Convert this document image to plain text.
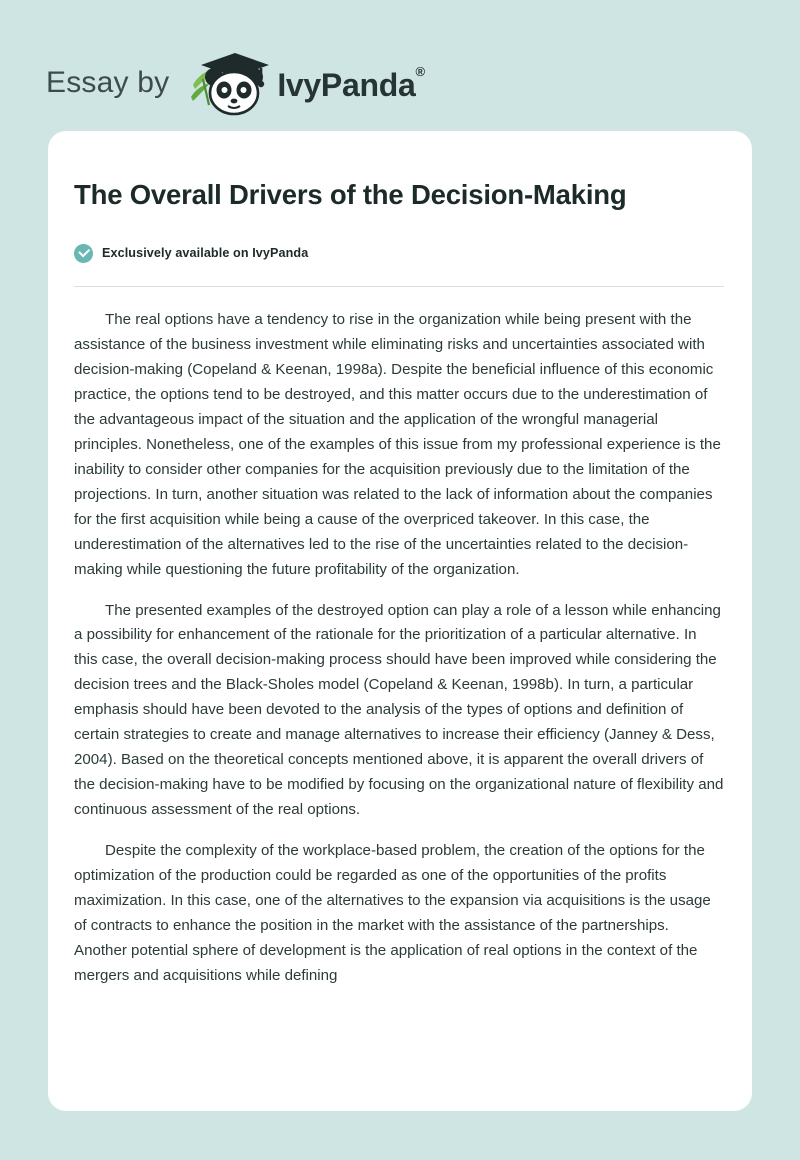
Essay by	IvyPanda®
The Overall Drivers of the Decision-Making
Exclusively available on IvyPanda

The real options have a tendency to rise in the organization while being present with the assistance of the business investment while eliminating risks and uncertainties associated with decision-making (Copeland & Keenan, 1998a). Despite the beneficial influence of this economic practice, the options tend to be destroyed, and this matter occurs due to the underestimation of the advantageous impact of the situation and the application of the wrongful managerial principles. Nonetheless, one of the examples of this issue from my professional experience is the inability to consider other companies for the acquisition previously due to the limitation of the projections. In turn, another situation was related to the lack of information about the companies for the first acquisition while being a cause of the overpriced takeover. In this case, the underestimation of the alternatives led to the rise of the uncertainties related to the decision-making while questioning the future profitability of the organization.

The presented examples of the destroyed option can play a role of a lesson while enhancing a possibility for enhancement of the rationale for the prioritization of a particular alternative. In this case, the overall decision-making process should have been improved while considering the decision trees and the Black-Sholes model (Copeland & Keenan, 1998b). In turn, a particular emphasis should have been devoted to the analysis of the types of options and definition of certain strategies to create and manage alternatives to increase their efficiency (Janney & Dess, 2004). Based on the theoretical concepts mentioned above, it is apparent the overall drivers of the decision-making have to be modified by focusing on the organizational nature of flexibility and continuous assessment of the real options.

Despite the complexity of the workplace-based problem, the creation of the options for the optimization of the production could be regarded as one of the opportunities of the profits maximization. In this case, one of the alternatives to the expansion via acquisitions is the usage of contracts to enhance the position in the market with the assistance of the partnerships. Another potential sphere of development is the application of real options in the context of the mergers and acquisitions while defining
